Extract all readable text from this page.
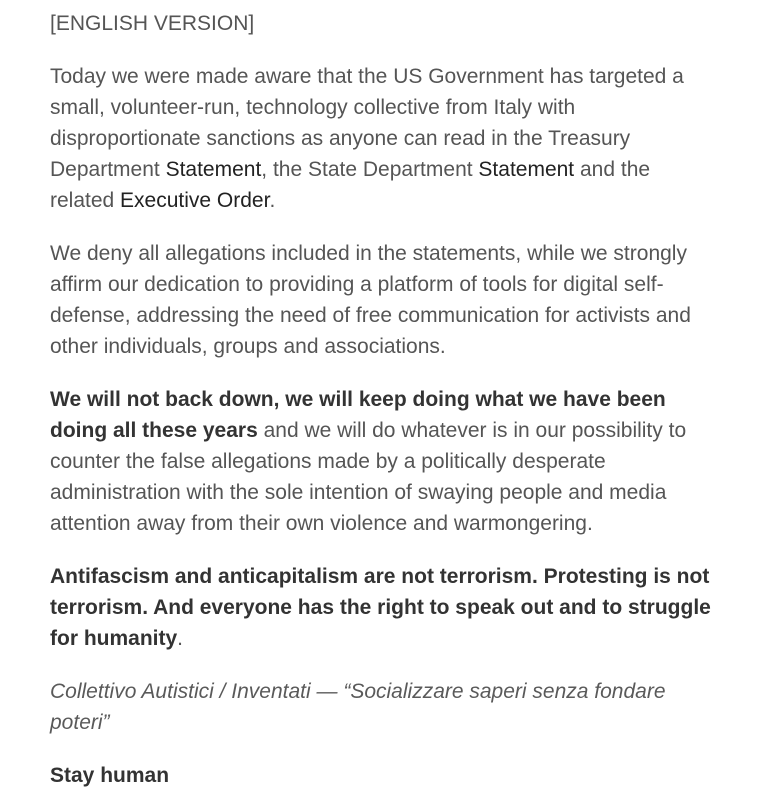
[ENGLISH VERSION]

Today we were made aware that the US Government has targeted a small, volunteer-run, technology collective from Italy with disproportionate sanctions as anyone can read in the Treasury Department Statement, the State Department Statement and the related Executive Order.

We deny all allegations included in the statements, while we strongly affirm our dedication to providing a platform of tools for digital self-defense, addressing the need of free communication for activists and other individuals, groups and associations.

We will not back down, we will keep doing what we have been doing all these years and we will do whatever is in our possibility to counter the false allegations made by a politically desperate administration with the sole intention of swaying people and media attention away from their own violence and warmongering.

Antifascism and anticapitalism are not terrorism. Protesting is not terrorism. And everyone has the right to speak out and to struggle for humanity.

Collettivo Autistici / Inventati — “Socializzare saperi senza fondare poteri”

Stay human
